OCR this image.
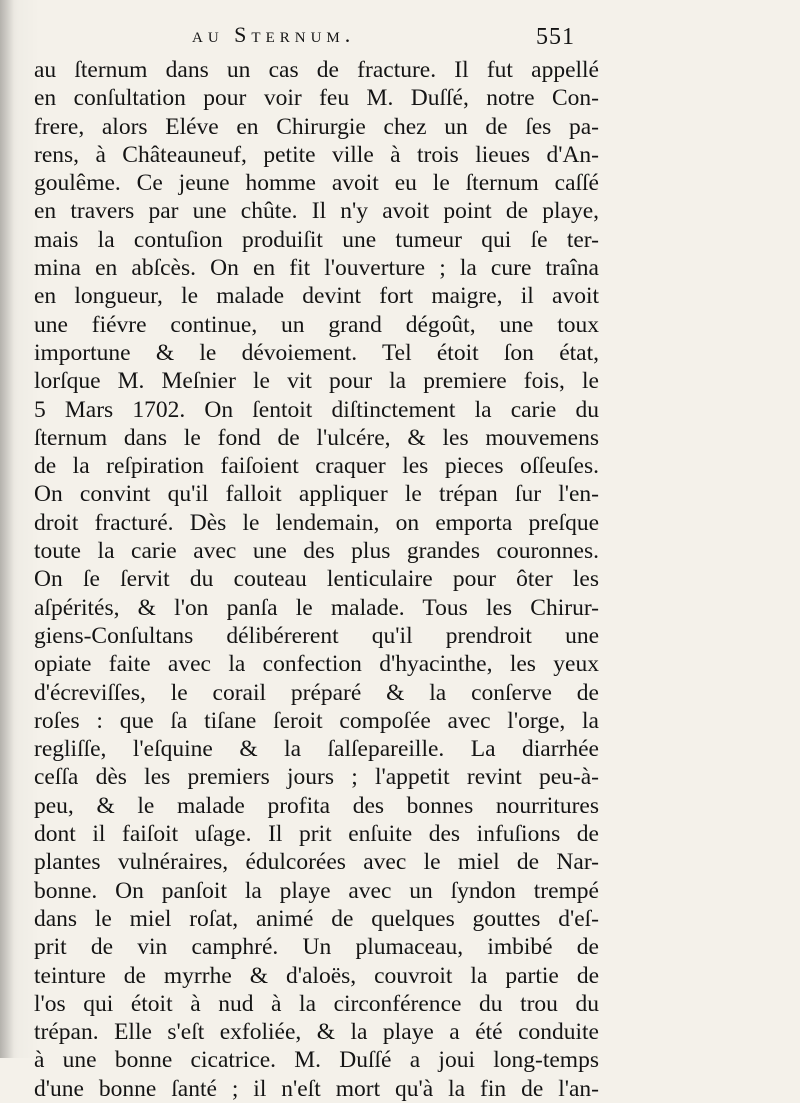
au Sternum.	551
au ſternum dans un cas de fracture. Il fut appellé
en conſultation pour voir feu M. Duſſé, notre Con-
frere, alors Eléve en Chirurgie chez un de ſes pa-
rens, à Châteauneuf, petite ville à trois lieues d'An-
goulême. Ce jeune homme avoit eu le ſternum caſſé
en travers par une chûte. Il n'y avoit point de playe,
mais la contuſion produiſit une tumeur qui ſe ter-
mina en abſcès. On en fit l'ouverture ; la cure traîna
en longueur, le malade devint fort maigre, il avoit
une fiévre continue, un grand dégoût, une toux
importune & le dévoiement. Tel étoit ſon état,
lorſque M. Meſnier le vit pour la premiere fois, le
5 Mars 1702. On ſentoit diſtinctement la carie du
ſternum dans le fond de l'ulcére, & les mouvemens
de la reſpiration faiſoient craquer les pieces oſſeuſes.
On convint qu'il falloit appliquer le trépan ſur l'en-
droit fracturé. Dès le lendemain, on emporta preſque
toute la carie avec une des plus grandes couronnes.
On ſe ſervit du couteau lenticulaire pour ôter les
aſpérités, & l'on panſa le malade. Tous les Chirur-
giens-Conſultans délibérerent qu'il prendroit une
opiate faite avec la confection d'hyacinthe, les yeux
d'écreviſſes, le corail préparé & la conſerve de
roſes : que ſa tiſane ſeroit compoſée avec l'orge, la
regliſſe, l'eſquine & la ſalſepareille. La diarrhée
ceſſa dès les premiers jours ; l'appetit revint peu-à-
peu, & le malade profita des bonnes nourritures
dont il faiſoit uſage. Il prit enſuite des infuſions de
plantes vulnéraires, édulcorées avec le miel de Nar-
bonne. On panſoit la playe avec un ſyndon trempé
dans le miel roſat, animé de quelques gouttes d'eſ-
prit de vin camphré. Un plumaceau, imbibé de
teinture de myrrhe & d'aloës, couvroit la partie de
l'os qui étoit à nud à la circonférence du trou du
trépan. Elle s'eſt exfoliée, & la playe a été conduite
à une bonne cicatrice. M. Duſſé a joui long-temps
d'une bonne ſanté ; il n'eſt mort qu'à la fin de l'an-
